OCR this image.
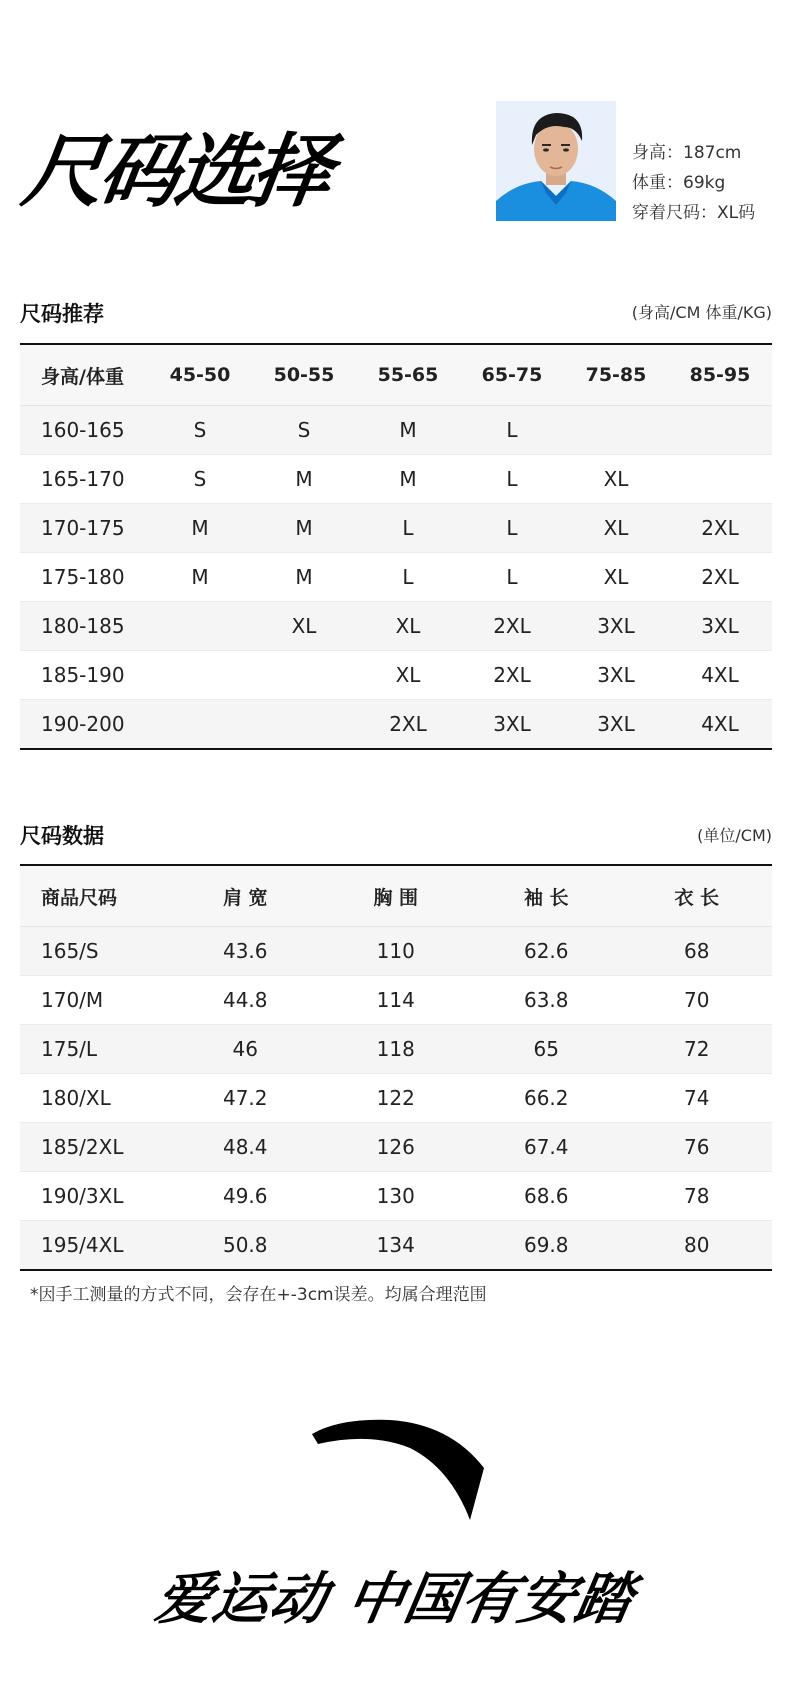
尺码选择	身高：187cm
体重：69kg
穿着尺码：XL码
尺码推荐	(身高/CM 体重/KG)
身高/体重	45-50	50-55	55-65	65-75	75-85	85-95
160-165	S	S	M	L		
165-170	S	M	M	L	XL	
170-175	M	M	L	L	XL	2XL
175-180	M	M	L	L	XL	2XL
180-185		XL	XL	2XL	3XL	3XL
185-190			XL	2XL	3XL	4XL
190-200			2XL	3XL	3XL	4XL
尺码数据	(单位/CM)
商品尺码	肩 宽	胸 围	袖 长	衣 长
165/S	43.6	110	62.6	68
170/M	44.8	114	63.8	70
175/L	46	118	65	72
180/XL	47.2	122	66.2	74
185/2XL	48.4	126	67.4	76
190/3XL	49.6	130	68.6	78
195/4XL	50.8	134	69.8	80
*因手工测量的方式不同，会存在+-3cm误差。均属合理范围
爱运动 中国有安踏
